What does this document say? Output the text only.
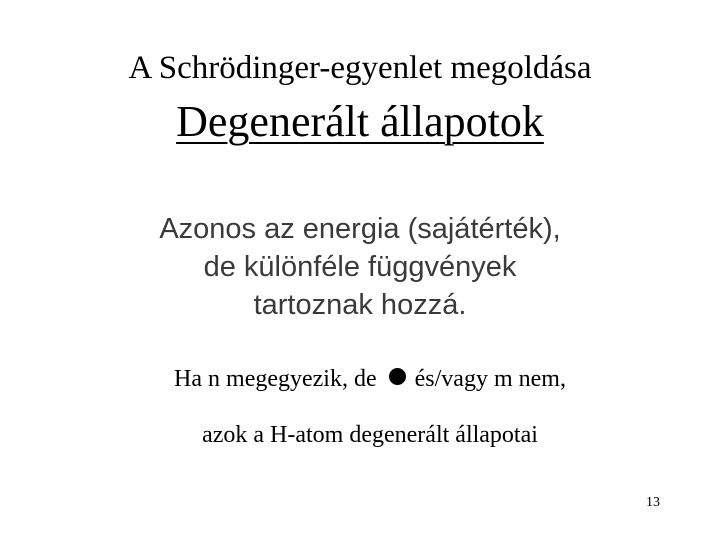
A Schrödinger-egyenlet megoldása
Degenerált állapotok
Azonos az energia (sajátérték),
de különféle függvények
tartoznak hozzá.
Ha n megegyezik, de  és/vagy m nem,
azok a H-atom degenerált állapotai
13
